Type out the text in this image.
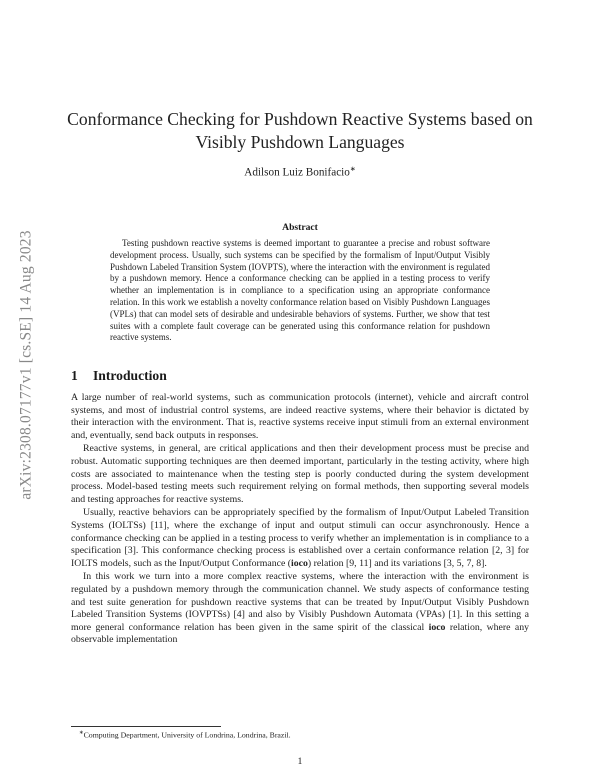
arXiv:2308.07177v1 [cs.SE] 14 Aug 2023
Conformance Checking for Pushdown Reactive Systems based on
Visibly Pushdown Languages
Adilson Luiz Bonifacio∗
Abstract

Testing pushdown reactive systems is deemed important to guarantee a precise and robust software development process. Usually, such systems can be specified by the formalism of Input/Output Visibly Pushdown Labeled Transition System (IOVPTS), where the interaction with the environment is regulated by a pushdown memory. Hence a conformance checking can be applied in a testing process to verify whether an implementation is in compliance to a specification using an appropriate conformance relation. In this work we establish a novelty conformance relation based on Visibly Pushdown Languages (VPLs) that can model sets of desirable and undesirable behaviors of systems. Further, we show that test suites with a complete fault coverage can be generated using this conformance relation for pushdown reactive systems.

1 Introduction

A large number of real-world systems, such as communication protocols (internet), vehicle and aircraft control systems, and most of industrial control systems, are indeed reactive systems, where their behavior is dictated by their interaction with the environment. That is, reactive systems receive input stimuli from an external environment and, eventually, send back outputs in responses.

Reactive systems, in general, are critical applications and then their development process must be precise and robust. Automatic supporting techniques are then deemed important, particularly in the testing activity, where high costs are associated to maintenance when the testing step is poorly conducted during the system development process. Model-based testing meets such requirement relying on formal methods, then supporting several models and testing approaches for reactive systems.

Usually, reactive behaviors can be appropriately specified by the formalism of Input/Output Labeled Transition Systems (IOLTSs) [11], where the exchange of input and output stimuli can occur asynchronously. Hence a conformance checking can be applied in a testing process to verify whether an implementation is in compliance to a specification [3]. This conformance checking process is established over a certain conformance relation [2, 3] for IOLTS models, such as the Input/Output Conformance (ioco) relation [9, 11] and its variations [3, 5, 7, 8].

In this work we turn into a more complex reactive systems, where the interaction with the environment is regulated by a pushdown memory through the communication channel. We study aspects of conformance testing and test suite generation for pushdown reactive systems that can be treated by Input/Output Visibly Pushdown Labeled Transition Systems (IOVPTSs) [4] and also by Visibly Pushdown Automata (VPAs) [1]. In this setting a more general conformance relation has been given in the same spirit of the classical ioco relation, where any observable implementation

∗Computing Department, University of Londrina, Londrina, Brazil.
1
